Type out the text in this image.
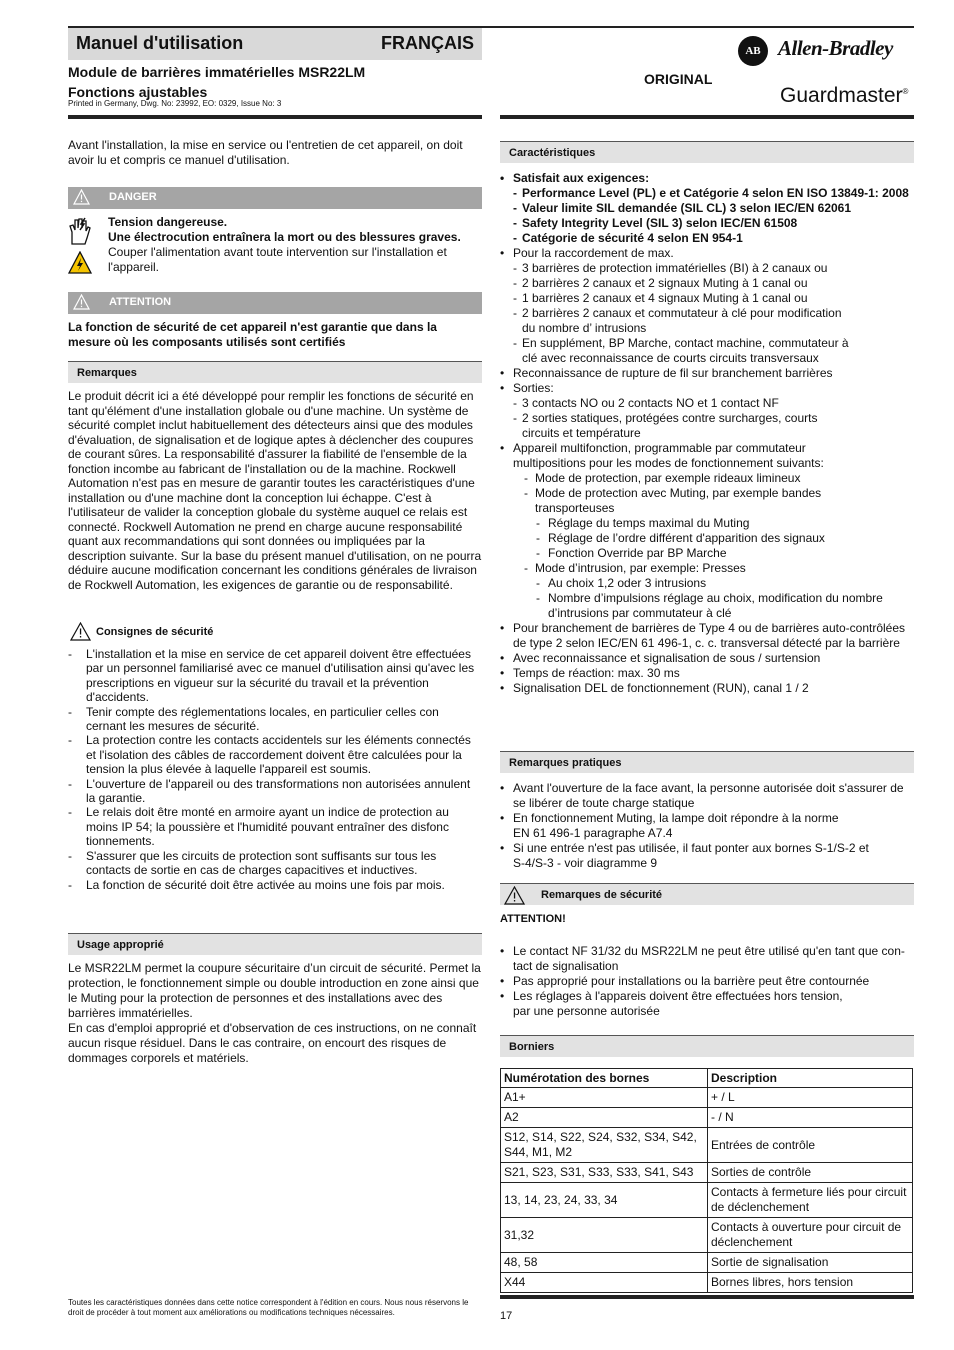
Manuel d'utilisation	FRANÇAIS
Module de barrières immatérielles MSR22LM
Fonctions ajustables
Printed in Germany, Dwg. No: 23992, EO: 0329, Issue No: 3
ORIGINAL
AB Allen-Bradley
Guardmaster®
Avant l'installation, la mise en service ou l'entretien de cet appareil, on doit avoir lu et compris ce manuel d'utilisation.
DANGER
Tension dangereuse.
Une électrocution entraînera la mort ou des blessures graves.
Couper l'alimentation avant toute intervention sur l'installation et l'appareil.
ATTENTION
La fonction de sécurité de cet appareil n'est garantie que dans la mesure où les composants utilisés sont certifiés
Remarques
Le produit décrit ici a été développé pour remplir les fonctions de sécurité en tant qu'élément d'une installation globale ou d'une machine. Un système de sécurité complet inclut habituellement des détecteurs ainsi que des modules d'évaluation, de signalisation et de logique aptes à déclencher des coupures de courant sûres. La responsabilité d'assurer la fiabilité de l'ensemble de la fonction incombe au fabricant de l'installation ou de la machine. Rockwell Automation n'est pas en mesure de garantir toutes les caractéristiques d'une installation ou d'une machine dont la conception lui échappe. C'est à l'utilisateur de valider la conception globale du système auquel ce relais est connecté. Rockwell Automation ne prend en charge aucune responsabilité quant aux recommandations qui sont données ou impliquées par la description suivante. Sur la base du présent manuel d'utilisation, on ne pourra déduire aucune modification concernant les conditions générales de livraison de Rockwell Automation, les exigences de garantie ou de responsabilité.
Consignes de sécurité
- L'installation et la mise en service de cet appareil doivent être effectuées par un personnel familiarisé avec ce manuel d'utilisation ainsi qu'avec les prescriptions en vigueur sur la sécurité du travail et la prévention d'accidents.
- Tenir compte des réglementations locales, en particulier celles con cernant les mesures de sécurité.
- La protection contre les contacts accidentels sur les éléments connectés et l'isolation des câbles de raccordement doivent être calculées pour la tension la plus élevée à laquelle l'appareil est soumis.
- L'ouverture de l'appareil ou des transformations non autorisées annulent la garantie.
- Le relais doit être monté en armoire ayant un indice de protection au moins IP 54; la poussière et l'humidité pouvant entraîner des disfonc tionnements.
- S'assurer que les circuits de protection sont suffisants sur tous les contacts de sortie en cas de charges capacitives et inductives.
- La fonction de sécurité doit être activée au moins une fois par mois.
Usage approprié
Le MSR22LM permet la coupure sécuritaire d’un circuit de sécurité. Permet la protection, le fonctionnement simple ou double introduction en zone ainsi que le Muting pour la protection de personnes et des installations avec des barrières immatérielles.
En cas d'emploi approprié et d'observation de ces instructions, on ne connaît aucun risque résiduel. Dans le cas contraire, on encourt des risques de dommages corporels et matériels.
Toutes les caractéristiques données dans cette notice correspondent à l'édition en cours. Nous nous réservons le droit de procéder à tout moment aux améliorations ou modifications techniques nécessaires.
Caractéristiques
• Satisfait aux exigences:
- Performance Level (PL) e et Catégorie 4 selon EN ISO 13849-1: 2008
- Valeur limite SIL demandée (SIL CL) 3 selon IEC/EN 62061
- Safety Integrity Level (SIL 3) selon IEC/EN 61508
- Catégorie de sécurité 4 selon EN 954-1
• Pour la raccordement de max.
- 3 barrières de protection immatérielles (BI) à 2 canaux ou
- 2 barrières 2 canaux et 2 signaux Muting à 1 canal ou
- 1 barrières 2 canaux et 4 signaux Muting à 1 canal ou
- 2 barrières 2 canaux et commutateur à clé pour modification
du nombre d’ intrusions
- En supplément, BP Marche, contact machine, commutateur à
clé avec reconnaissance de courts circuits transversaux
• Reconnaissance de rupture de fil sur branchement barrières
• Sorties:
- 3 contacts NO ou 2 contacts NO et 1 contact NF
- 2 sorties statiques, protégées contre surcharges, courts
circuits et température
• Appareil multifonction, programmable par commutateur
multipositions pour les modes de fonctionnement suivants:
- Mode de protection, par exemple rideaux limineux
- Mode de protection avec Muting, par exemple bandes
transporteuses
- Réglage du temps maximal du Muting
- Réglage de l’ordre différent d'apparition des signaux
- Fonction Override par BP Marche
- Mode d’intrusion, par exemple: Presses
- Au choix 1,2 oder 3 intrusions
- Nombre d’impulsions réglage au choix, modification du nombre
d’intrusions par commutateur à clé
• Pour branchement de barrières de Type 4 ou de barrières auto-contrôlées
de type 2 selon IEC/EN 61 496-1, c. c. transversal détecté par la barrière
• Avec reconnaissance et signalisation de sous / surtension
• Temps de réaction: max. 30 ms
• Signalisation DEL de fonctionnement (RUN), canal 1 / 2
Remarques pratiques
• Avant l'ouverture de la face avant, la personne autorisée doit s'assurer de
se libérer de toute charge statique
• En fonctionnement Muting, la lampe doit répondre à la norme
EN 61 496-1 paragraphe A7.4
• Si une entrée n'est pas utilisée, il faut ponter aux bornes S-1/S-2 et
S-4/S-3 - voir diagramme 9
Remarques de sécurité
ATTENTION!
• Le contact NF 31/32 du MSR22LM ne peut être utilisé qu'en tant que con-
tact de signalisation
• Pas approprié pour installations ou la barrière peut être contournée
• Les réglages à l'appareis doivent être effectuées hors tension,
par une personne autorisée
Borniers
Numérotation des bornes	Description
A1+	+ / L
A2	- / N
S12, S14, S22, S24, S32, S34, S42, S44, M1, M2	Entrées de contrôle
S21, S23, S31, S33, S33, S41, S43	Sorties de contrôle
13, 14, 23, 24, 33, 34	Contacts à fermeture liés pour circuit de déclenchement
31,32	Contacts à ouverture pour circuit de déclenchement
48, 58	Sortie de signalisation
X44	Bornes libres, hors tension
17
